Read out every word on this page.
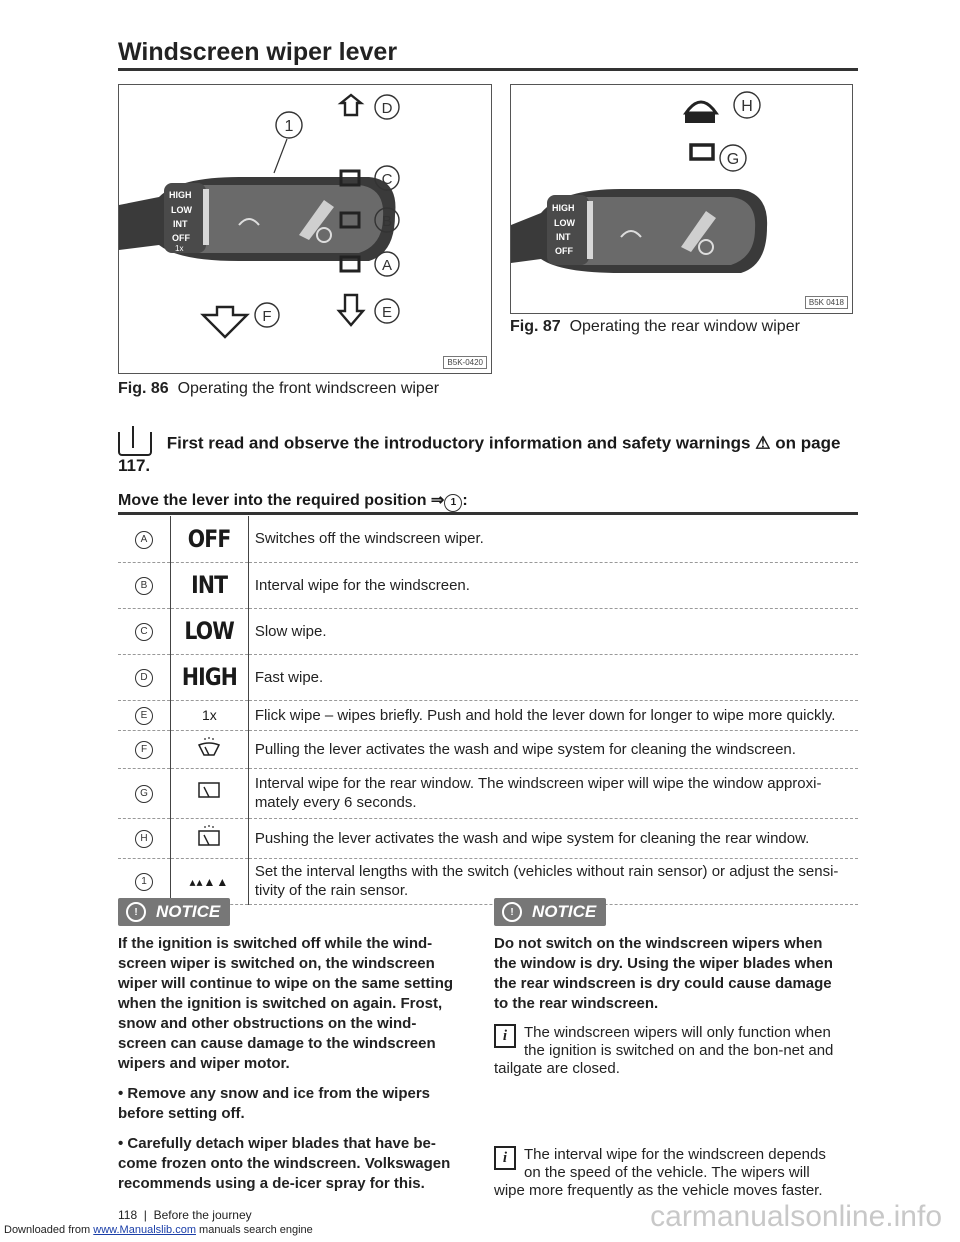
Windscreen wiper lever
1
HIGH
LOW
INT
OFF
1x
D
C
B
A
F	E
B5K-0420
H
G
HIGH
LOW
INT
OFF
B5K 0418
Fig. 86 Operating the front windscreen wiper
Fig. 87 Operating the rear window wiper
First read and observe the introductory information and safety warnings ⚠ on page 117.
Move the lever into the required position ⇒ 1 :
A	OFF	Switches off the windscreen wiper.
B	INT	Interval wipe for the windscreen.
C	LOW	Slow wipe.
D	HIGH	Fast wipe.
E	1x	Flick wipe – wipes briefly. Push and hold the lever down for longer to wipe more quickly.
F		Pulling the lever activates the wash and wipe system for cleaning the windscreen.
G		Interval wipe for the rear window. The windscreen wiper will wipe the window approxi-mately every 6 seconds.
H		Pushing the lever activates the wash and wipe system for cleaning the rear window.
1	▴▴▲▲	Set the interval lengths with the switch (vehicles without rain sensor) or adjust the sensi-tivity of the rain sensor.
!	NOTICE

If the ignition is switched off while the wind-screen wiper is switched on, the windscreen wiper will continue to wipe on the same setting when the ignition is switched on again. Frost, snow and other obstructions on the wind-screen can cause damage to the windscreen wipers and wiper motor.

• Remove any snow and ice from the wipers before setting off.

• Carefully detach wiper blades that have be-come frozen onto the windscreen. Volkswagen recommends using a de-icer spray for this.

!	NOTICE

Do not switch on the windscreen wipers when the window is dry. Using the wiper blades when the rear windscreen is dry could cause damage to the rear windscreen.

i	The windscreen wipers will only function when the ignition is switched on and the bon-net and tailgate are closed.
i	The interval wipe for the windscreen depends on the speed of the vehicle. The wipers will wipe more frequently as the vehicle moves faster.
118  |  Before the journey
Downloaded from www.Manualslib.com manuals search engine	carmanualsonline.info
